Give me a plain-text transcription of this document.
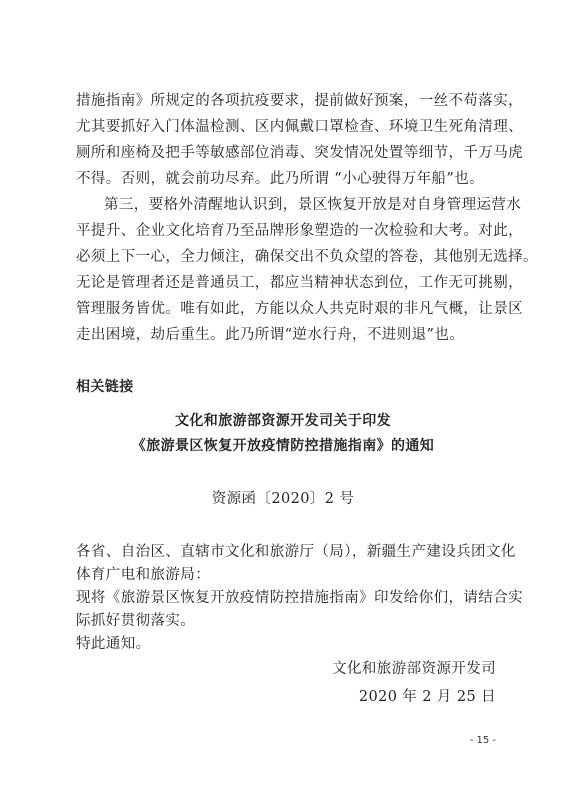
措施指南》所规定的各项抗疫要求，提前做好预案，一丝不苟落实，
尤其要抓好入门体温检测、区内佩戴口罩检查、环境卫生死角清理、
厕所和座椅及把手等敏感部位消毒、突发情况处置等细节，千万马虎
不得。否则，就会前功尽弃。此乃所谓 “小心驶得万年船”也。
第三，要格外清醒地认识到，景区恢复开放是对自身管理运营水
平提升、企业文化培育乃至品牌形象塑造的一次检验和大考。对此，
必须上下一心，全力倾注，确保交出不负众望的答卷，其他别无选择。
无论是管理者还是普通员工，都应当精神状态到位，工作无可挑剔，
管理服务皆优。唯有如此，方能以众人共克时艰的非凡气概，让景区
走出困境，劫后重生。此乃所谓“逆水行舟，不进则退”也。
相关链接
文化和旅游部资源开发司关于印发
《旅游景区恢复开放疫情防控措施指南》的通知
资源函〔2020〕2 号
各省、自治区、直辖市文化和旅游厅（局），新疆生产建设兵团文化
体育广电和旅游局：
现将《旅游景区恢复开放疫情防控措施指南》印发给你们，请结合实
际抓好贯彻落实。
特此通知。
文化和旅游部资源开发司
2020 年 2 月 25 日
- 15 -
